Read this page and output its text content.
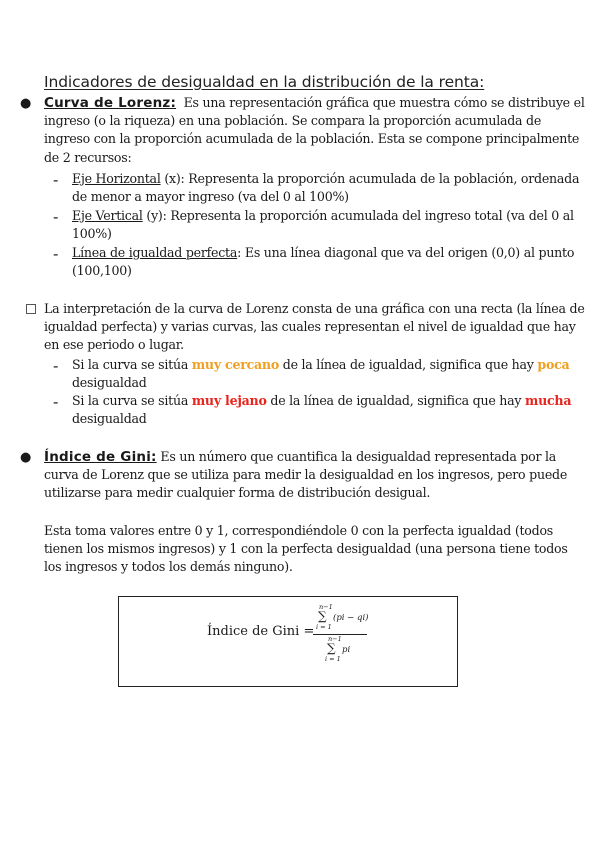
Indicadores de desigualdad en la distribución de la renta:
● Curva de Lorenz: Es una representación gráfica que muestra cómo se distribuye el
ingreso (o la riqueza) en una población. Se compara la proporción acumulada de
ingreso con la proporción acumulada de la población. Esta se compone principalmente
de 2 recursos:
- Eje Horizontal (x): Representa la proporción acumulada de la población, ordenada
de menor a mayor ingreso (va del 0 al 100%)
- Eje Vertical (y): Representa la proporción acumulada del ingreso total (va del 0 al
100%)
- Línea de igualdad perfecta: Es una línea diagonal que va del origen (0,0) al punto
(100,100)
La interpretación de la curva de Lorenz consta de una gráfica con una recta (la línea de
igualdad perfecta) y varias curvas, las cuales representan el nivel de igualdad que hay
en ese periodo o lugar.
- Si la curva se sitúa muy cercano de la línea de igualdad, significa que hay poca
desigualdad
- Si la curva se sitúa muy lejano de la línea de igualdad, significa que hay mucha
desigualdad
● Índice de Gini: Es un número que cuantifica la desigualdad representada por la
curva de Lorenz que se utiliza para medir la desigualdad en los ingresos, pero puede
utilizarse para medir cualquier forma de distribución desigual.
Esta toma valores entre 0 y 1, correspondiéndole 0 con la perfecta igualdad (todos
tienen los mismos ingresos) y 1 con la perfecta desigualdad (una persona tiene todos
los ingresos y todos los demás ninguno).
Índice de Gini =
n−1
∑
i = 1
(pi − qi)
n−1
∑
i = 1
pi
